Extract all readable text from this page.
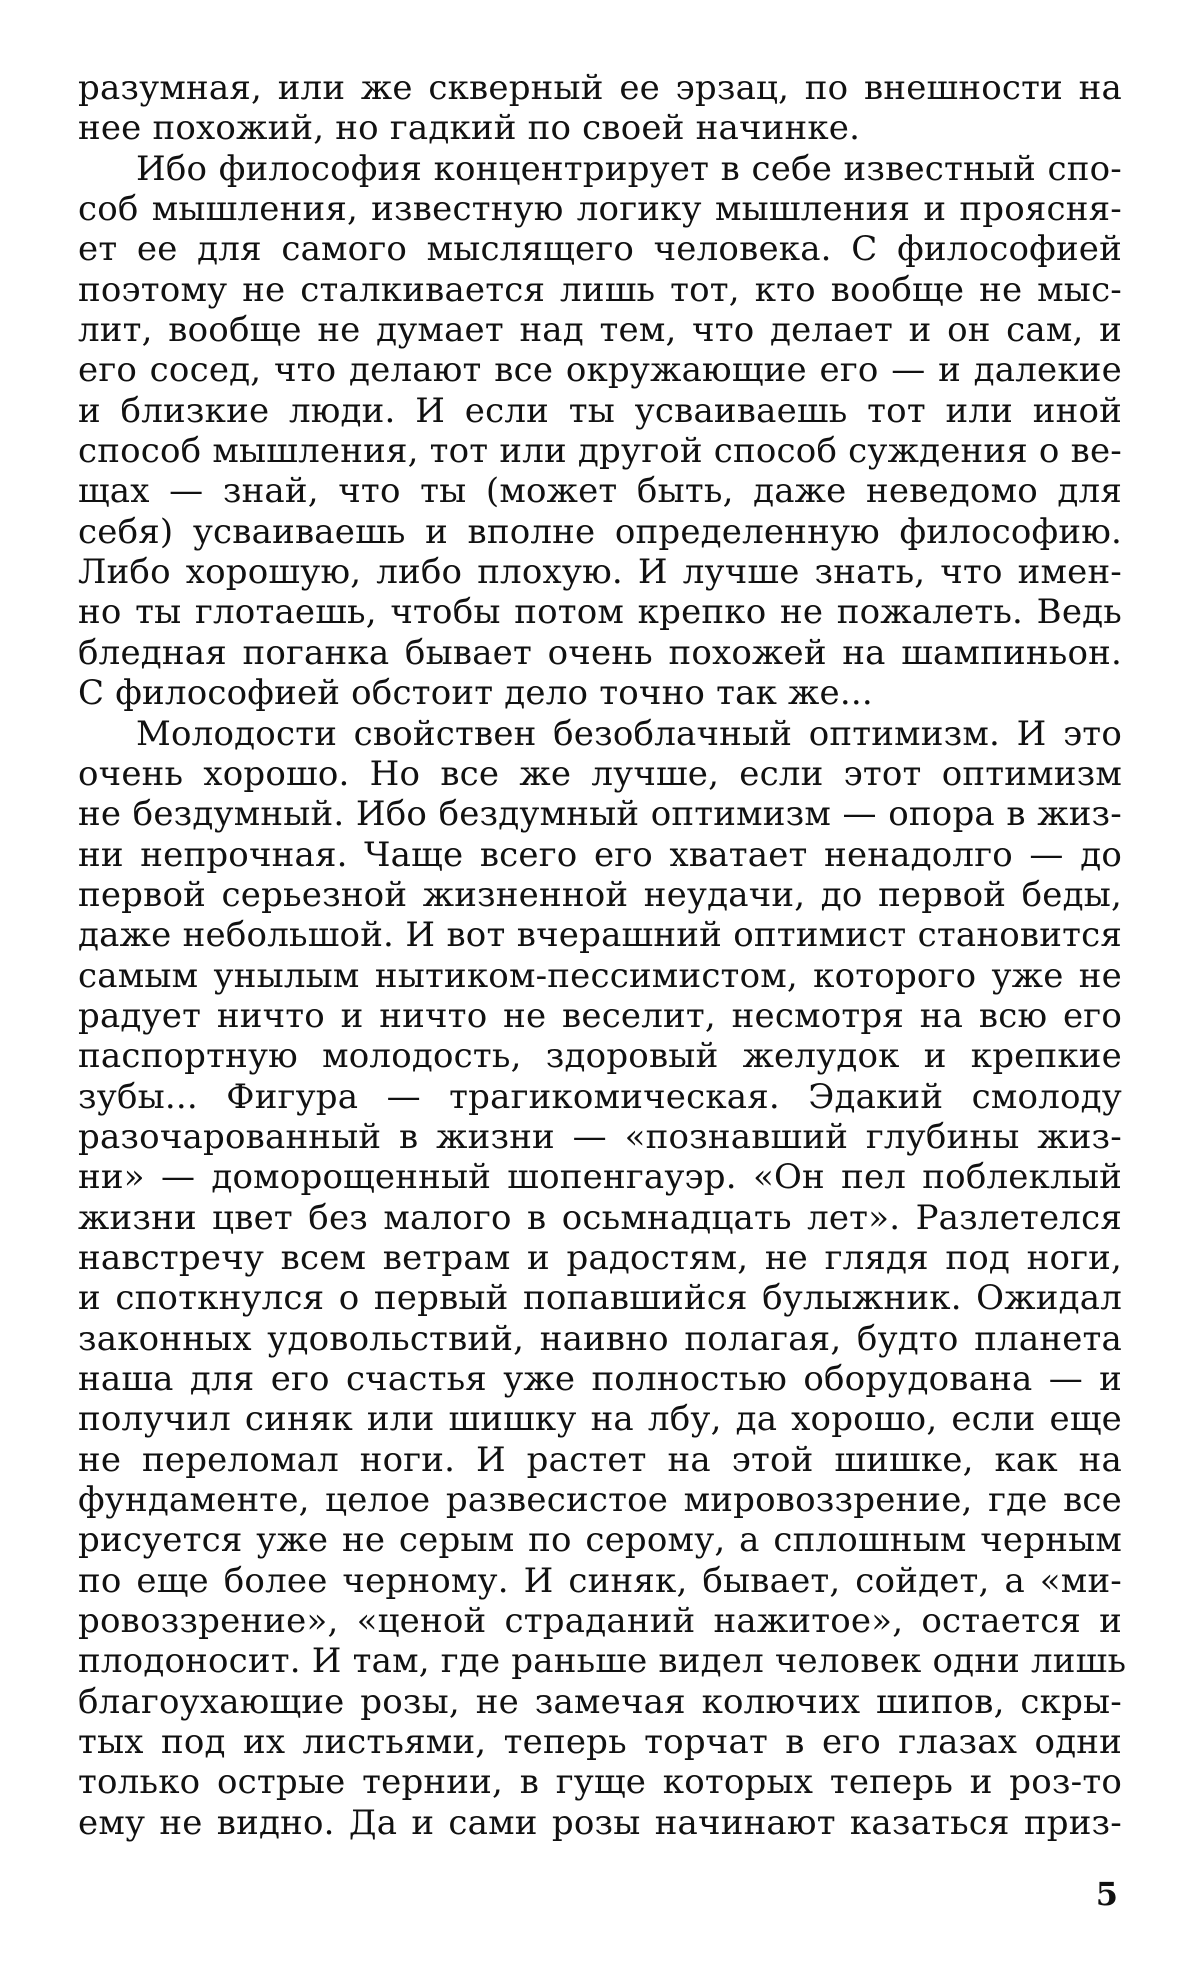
разумная, или же скверный ее эрзац, по внешности на
нее похожий, но гадкий по своей начинке.
Ибо философия концентрирует в себе известный спо-
соб мышления, известную логику мышления и проясня-
ет ее для самого мыслящего человека. С философией
поэтому не сталкивается лишь тот, кто вообще не мыс-
лит, вообще не думает над тем, что делает и он сам, и
его сосед, что делают все окружающие его — и далекие
и близкие люди. И если ты усваиваешь тот или иной
способ мышления, тот или другой способ суждения о ве-
щах — знай, что ты (может быть, даже неведомо для
себя) усваиваешь и вполне определенную философию.
Либо хорошую, либо плохую. И лучше знать, что имен-
но ты глотаешь, чтобы потом крепко не пожалеть. Ведь
бледная поганка бывает очень похожей на шампиньон.
С философией обстоит дело точно так же...
Молодости свойствен безоблачный оптимизм. И это
очень хорошо. Но все же лучше, если этот оптимизм
не бездумный. Ибо бездумный оптимизм — опора в жиз-
ни непрочная. Чаще всего его хватает ненадолго — до
первой серьезной жизненной неудачи, до первой беды,
даже небольшой. И вот вчерашний оптимист становится
самым унылым нытиком-пессимистом, которого уже не
радует ничто и ничто не веселит, несмотря на всю его
паспортную молодость, здоровый желудок и крепкие
зубы... Фигура — трагикомическая. Эдакий смолоду
разочарованный в жизни — «познавший глубины жиз-
ни» — доморощенный шопенгауэр. «Он пел поблеклый
жизни цвет без малого в осьмнадцать лет». Разлетелся
навстречу всем ветрам и радостям, не глядя под ноги,
и споткнулся о первый попавшийся булыжник. Ожидал
законных удовольствий, наивно полагая, будто планета
наша для его счастья уже полностью оборудована — и
получил синяк или шишку на лбу, да хорошо, если еще
не переломал ноги. И растет на этой шишке, как на
фундаменте, целое развесистое мировоззрение, где все
рисуется уже не серым по серому, а сплошным черным
по еще более черному. И синяк, бывает, сойдет, а «ми-
ровоззрение», «ценой страданий нажитое», остается и
плодоносит. И там, где раньше видел человек одни лишь
благоухающие розы, не замечая колючих шипов, скры-
тых под их листьями, теперь торчат в его глазах одни
только острые тернии, в гуще которых теперь и роз-то
ему не видно. Да и сами розы начинают казаться приз-
5
